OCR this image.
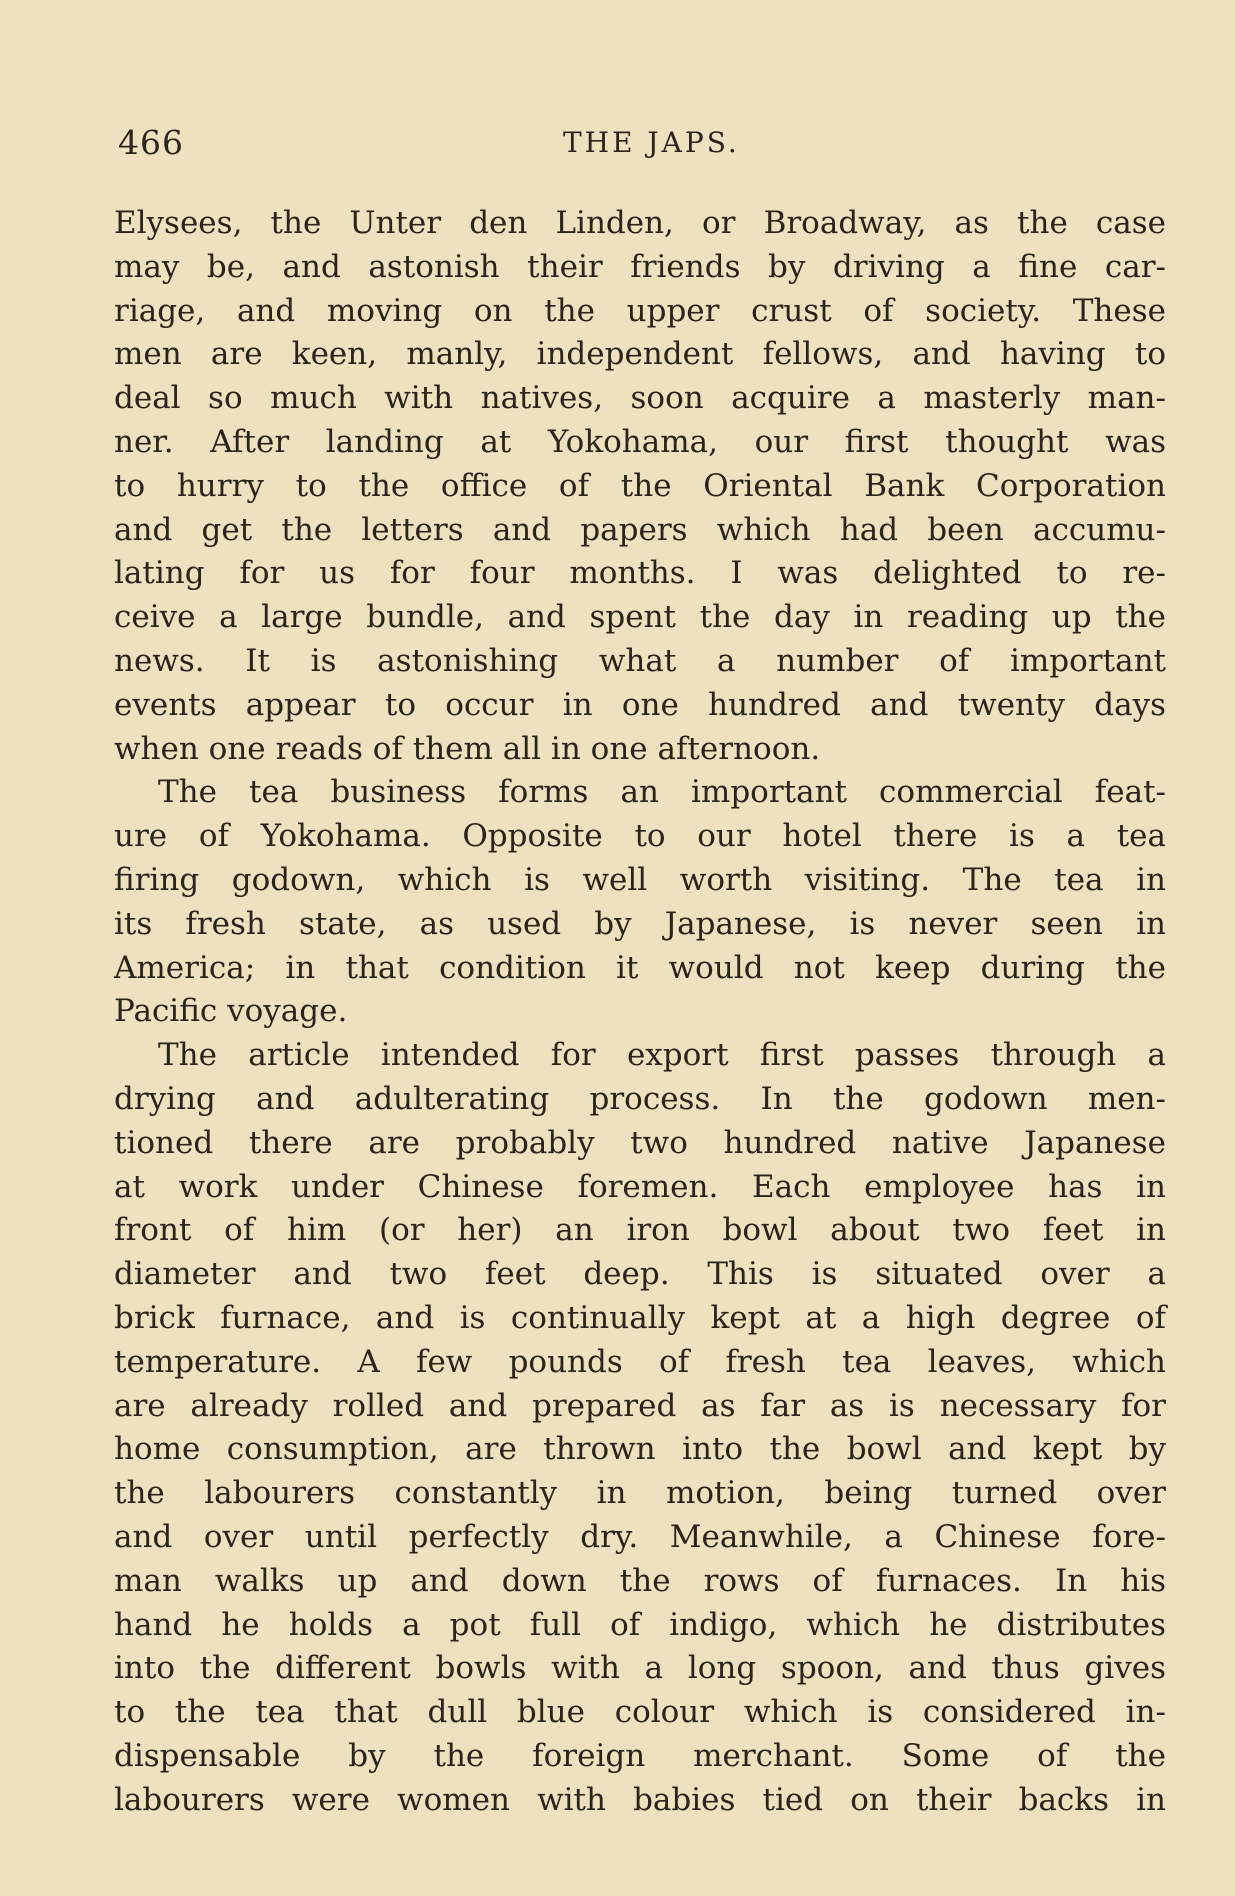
466	THE JAPS.
Elysees, the Unter den Linden, or Broadway, as the case
may be, and astonish their friends by driving a fine car-
riage, and moving on the upper crust of society. These
men are keen, manly, independent fellows, and having to
deal so much with natives, soon acquire a masterly man-
ner. After landing at Yokohama, our first thought was
to hurry to the office of the Oriental Bank Corporation
and get the letters and papers which had been accumu-
lating for us for four months. I was delighted to re-
ceive a large bundle, and spent the day in reading up the
news. It is astonishing what a number of important
events appear to occur in one hundred and twenty days
when one reads of them all in one afternoon.
The tea business forms an important commercial feat-
ure of Yokohama. Opposite to our hotel there is a tea
firing godown, which is well worth visiting. The tea in
its fresh state, as used by Japanese, is never seen in
America; in that condition it would not keep during the
Pacific voyage.
The article intended for export first passes through a
drying and adulterating process. In the godown men-
tioned there are probably two hundred native Japanese
at work under Chinese foremen. Each employee has in
front of him (or her) an iron bowl about two feet in
diameter and two feet deep. This is situated over a
brick furnace, and is continually kept at a high degree of
temperature. A few pounds of fresh tea leaves, which
are already rolled and prepared as far as is necessary for
home consumption, are thrown into the bowl and kept by
the labourers constantly in motion, being turned over
and over until perfectly dry. Meanwhile, a Chinese fore-
man walks up and down the rows of furnaces. In his
hand he holds a pot full of indigo, which he distributes
into the different bowls with a long spoon, and thus gives
to the tea that dull blue colour which is considered in-
dispensable by the foreign merchant. Some of the
labourers were women with babies tied on their backs in
